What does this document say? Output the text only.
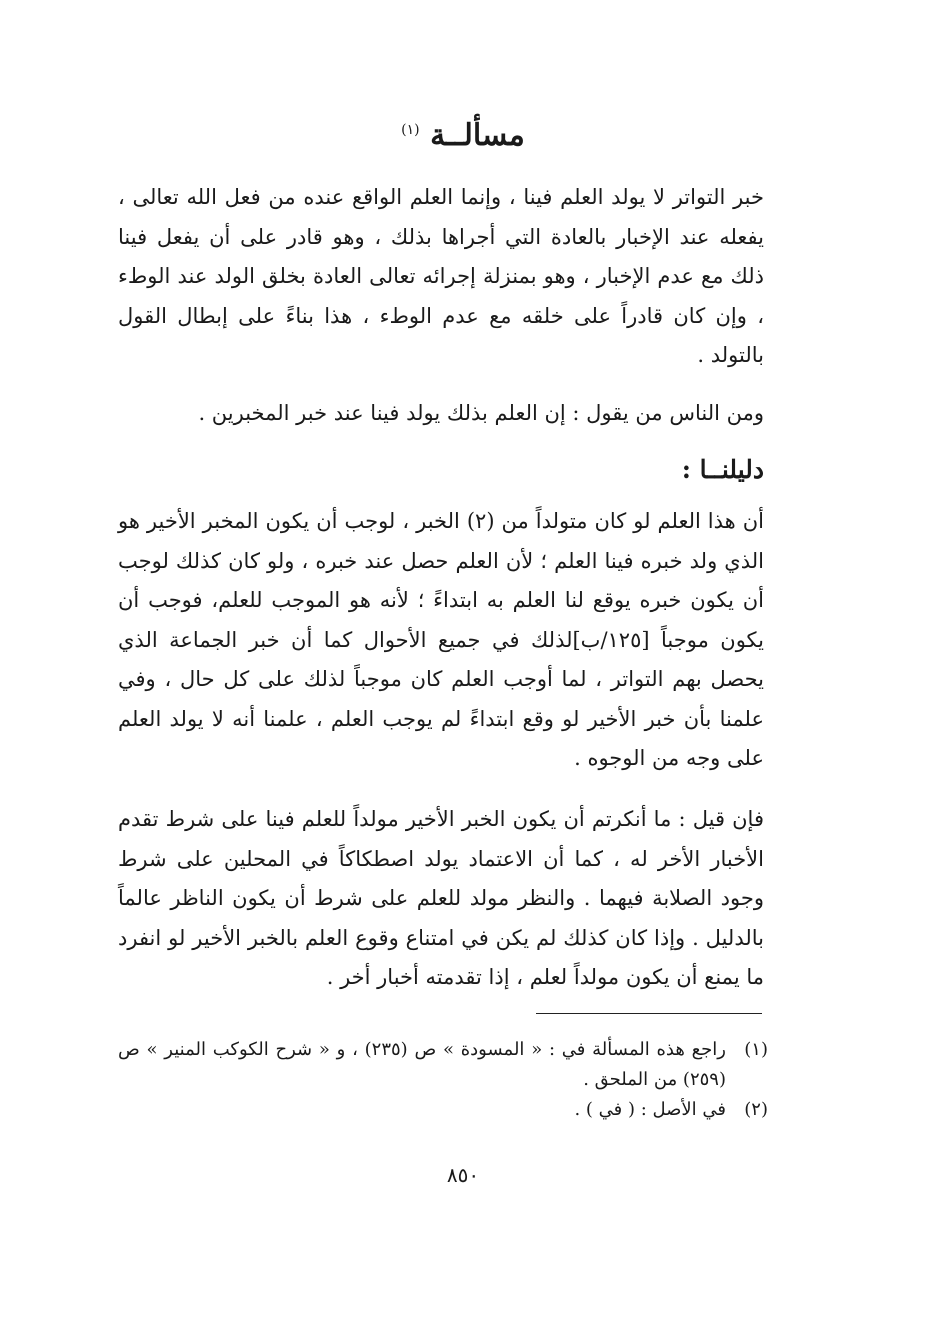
مسألــة $^{(١)}$

خبر التواتر لا يولد العلم فينا ، وإنما العلم الواقع عنده من فعل الله تعالى ، يفعله عند الإخبار بالعادة التي أجراها بذلك ، وهو قادر على أن يفعل فينا ذلك مع عدم الإخبار ، وهو بمنزلة إجرائه تعالى العادة بخلق الولد عند الوطء ، وإن كان قادراً على خلقه مع عدم الوطء ، هذا بناءً على إبطال القول بالتولد .

ومن الناس من يقول : إن العلم بذلك يولد فينا عند خبر المخبرين .

دليلنــا :

أن هذا العلم لو كان متولداً من (٢) الخبر ، لوجب أن يكون المخبر الأخير هو الذي ولد خبره فينا العلم ؛ لأن العلم حصل عند خبره ، ولو كان كذلك لوجب أن يكون خبره يوقع لنا العلم به ابتداءً ؛ لأنه هو الموجب للعلم، فوجب أن يكون موجباً [١٢٥/ب]لذلك في جميع الأحوال كما أن خبر الجماعة الذي يحصل بهم التواتر ، لما أوجب العلم كان موجباً لذلك على كل حال ، وفي علمنا بأن خبر الأخير لو وقع ابتداءً لم يوجب العلم ، علمنا أنه لا يولد العلم على وجه من الوجوه .

فإن قيل : ما أنكرتم أن يكون الخبر الأخير مولداً للعلم فينا على شرط تقدم الأخبار الأخر له ، كما أن الاعتماد يولد اصطكاكاً في المحلين على شرط وجود الصلابة فيهما . والنظر مولد للعلم على شرط أن يكون الناظر عالماً بالدليل . وإذا كان كذلك لم يكن في امتناع وقوع العلم بالخبر الأخير لو انفرد ما يمنع أن يكون مولداً لعلم ، إذا تقدمته أخبار أخر .

(١)
راجع هذه المسألة في : « المسودة » ص (٢٣٥) ، و « شرح الكوكب المنير » ص (٢٥٩) من الملحق .
(٢)
في الأصل : ( في ) .
٨٥٠
